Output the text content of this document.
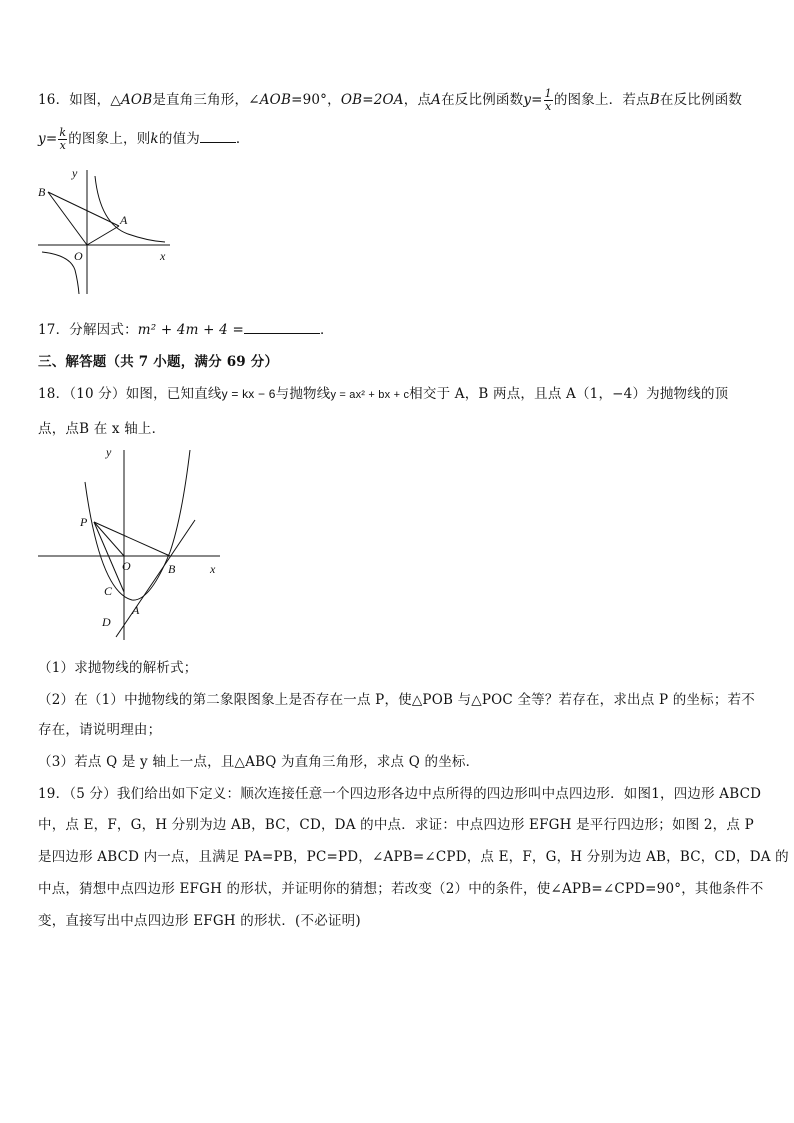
16．如图，△AOB是直角三角形，∠AOB=90°，OB=2OA，点A在反比例函数$y= \frac{1}{x}$ 的图象上．若点B在反比例函数
$y= \frac{k}{x}$ 的图象上，则k的值为	．
y
B
A
O	x
17．分解因式：m² + 4m + 4 =	．
三、解答题（共 7 小题，满分 69 分）
18．（10 分）如图，已知直线y = kx − 6与抛物线y = ax² + bx + c相交于 A，B 两点，且点 A（1，−4）为抛物线的顶
点，点B 在 x 轴上．
y
P
O	B	x
C
A
D
（1）求抛物线的解析式；
（2）在（1）中抛物线的第二象限图象上是否存在一点 P，使△POB 与△POC 全等？若存在，求出点 P 的坐标；若不
存在，请说明理由；
（3）若点 Q 是 y 轴上一点，且△ABQ 为直角三角形，求点 Q 的坐标．
19．（5 分）我们给出如下定义：顺次连接任意一个四边形各边中点所得的四边形叫中点四边形．如图1，四边形 ABCD
中，点 E，F，G，H 分别为边 AB，BC，CD，DA 的中点．求证：中点四边形 EFGH 是平行四边形；如图 2，点 P
是四边形 ABCD 内一点，且满足 PA=PB，PC=PD，∠APB=∠CPD，点 E，F，G，H 分别为边 AB，BC，CD，DA 的
中点，猜想中点四边形 EFGH 的形状，并证明你的猜想；若改变（2）中的条件，使∠APB=∠CPD=90°，其他条件不
变，直接写出中点四边形 EFGH 的形状．(不必证明)
